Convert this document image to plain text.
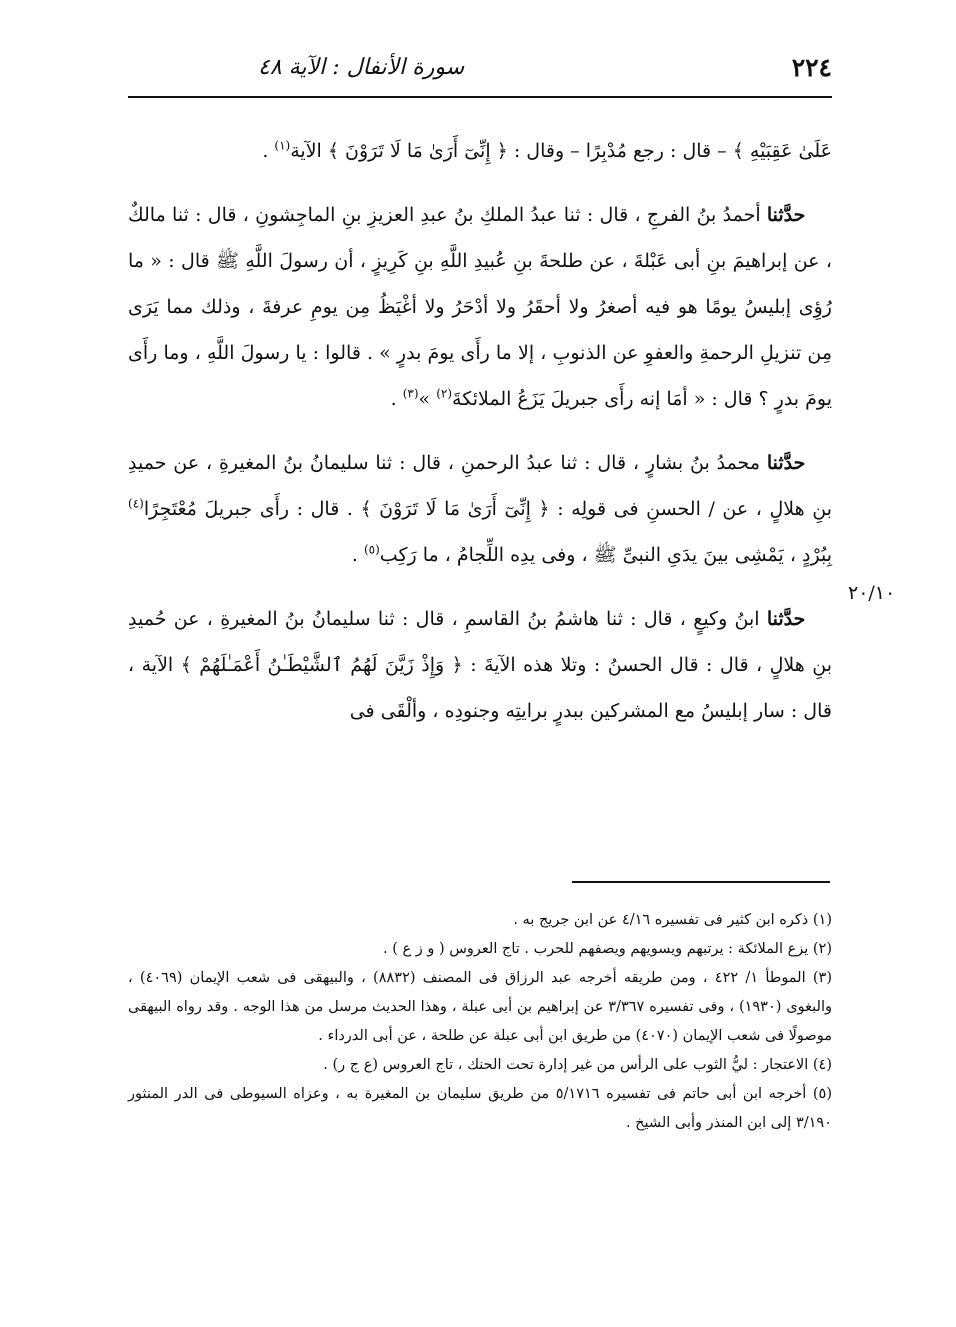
٢٢٤
سورة الأنفال : الآية ٤٨
٢٠/١٠

عَلَىٰ عَقِبَيْهِ ﴾ – قال : رجع مُدْبِرًا – وقال : ﴿ إِنِّىٓ أَرَىٰ مَا لَا تَرَوْنَ ﴾ الآية$^{(١)}$ .

حدَّثنا أحمدُ بنُ الفرجِ ، قال : ثنا عبدُ الملكِ بنُ عبدِ العزيزِ بنِ الماجِشونِ ، قال : ثنا مالكٌ ، عن إبراهيمَ بنِ أبى عَبْلةَ ، عن طلحةَ بنِ عُبيدِ اللَّهِ بنِ كَرِيزٍ ، أن رسولَ اللَّهِ ﷺ قال : « ما رُؤِى إبليسُ يومًا هو فيه أصغرُ ولا أحقَرُ ولا أدْحَرُ ولا أغْيَظُ مِن يومِ عرفةَ ، وذلك مما يَرَى مِن تنزيلِ الرحمةِ والعفوِ عن الذنوبِ ، إلا ما رأَى يومَ بدرٍ » . قالوا : يا رسولَ اللَّهِ ، وما رأَى يومَ بدرٍ ؟ قال : « أمَا إنه رأَى جبريلَ يَزَعُ الملائكةَ$^{(٢)}$ »$^{(٣)}$ .

حدَّثنا محمدُ بنُ بشارٍ ، قال : ثنا عبدُ الرحمنِ ، قال : ثنا سليمانُ بنُ المغيرةِ ، عن حميدِ بنِ هلالٍ ، عن / الحسنِ فى قولِه : ﴿ إِنِّىٓ أَرَىٰ مَا لَا تَرَوْنَ ﴾ . قال : رأَى جبريلَ مُعْتَجِرًا$^{(٤)}$ بِبُرْدٍ ، يَمْشِى بينَ يدَىِ النبىِّ ﷺ ، وفى يدِه اللِّجامُ ، ما رَكِب$^{(٥)}$ .

حدَّثنا ابنُ وكيعٍ ، قال : ثنا هاشمُ بنُ القاسمِ ، قال : ثنا سليمانُ بنُ المغيرةِ ، عن حُميدِ بنِ هلالٍ ، قال : قال الحسنُ : وتلا هذه الآيةَ : ﴿ وَإِذْ زَيَّنَ لَهُمُ ٱلشَّيْطَـٰنُ أَعْمَـٰلَهُمْ ﴾ الآية ، قال : سار إبليسُ مع المشركين ببدرٍ برايتِه وجنودِه ، وألْقَى فى

(١) ذكره ابن كثير فى تفسيره ٤/١٦ عن ابن جريج به .

(٢) يزع الملائكة : يرتبهم ويسويهم ويصفهم للحرب . تاج العروس ( و ز ع ) .

(٣) الموطأ ١/ ٤٢٢ ، ومن طريقه أخرجه عبد الرزاق فى المصنف (٨٨٣٢) ، والبيهقى فى شعب الإيمان (٤٠٦٩) ، والبغوى (١٩٣٠) ، وفى تفسيره ٣/٣٦٧ عن إبراهيم بن أبى عبلة ، وهذا الحديث مرسل من هذا الوجه . وقد رواه البيهقى موصولًا فى شعب الإيمان (٤٠٧٠) من طريق ابن أبى عبلة عن طلحة ، عن أبى الدرداء .

(٤) الاعتجار : ليُّ الثوب على الرأس من غير إدارة تحت الحنك ، تاج العروس (ع ج ر) .

(٥) أخرجه ابن أبى حاتم فى تفسيره ٥/١٧١٦ من طريق سليمان بن المغيرة به ، وعزاه السيوطى فى الدر المنثور ٣/١٩٠ إلى ابن المنذر وأبى الشيخ .
